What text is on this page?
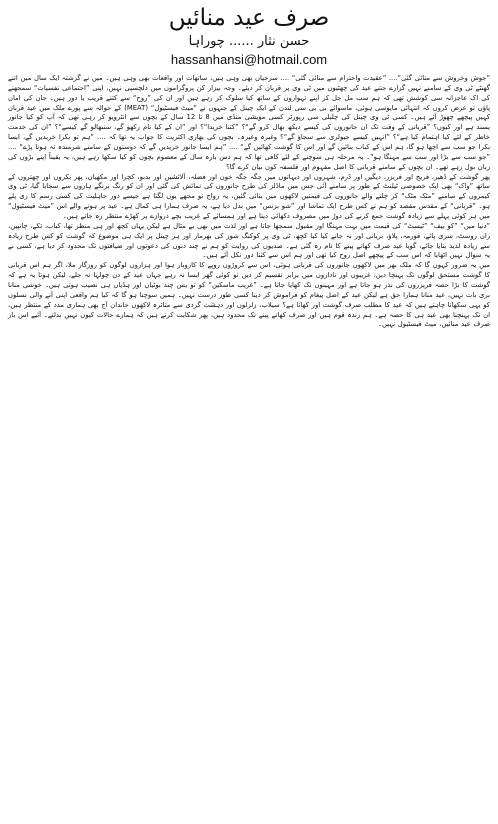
صرف عید منائیں
حسن نثار ...... چوراہا
hassanhansi@hotmail.com

”جوش وخروش سے منائی گئی“.... ”عقیدت واحترام سے منائی گئی“ .... سرخیاں بھی وہی ہیں، ساتھات اور واقعات بھی وہی ہیں۔ میں نے گزشتہ ایک سال میں اتنے گھنٹے ٹی وی کے سامنے نہیں گزارے جتنے عید کی چھٹیوں میں ٹی وی پر قربان کر دیئے۔ وجہ بیزار کن پروگراموں میں دلچسپی نہیں، اپنی ”اجتماعی نفسیات“ سمجھنے کی اک عاجزانہ سی کوشش تھی کہ ہم سب مل جل کر اپنے تہواروں کے ساتھ کیا سلوک کر رہے ہیں اور ان کی ”روح“ سے کتنے قریب یا دور ہیں۔ جان کی امان پاؤں تو عرض کروں کہ انتہائی مایوسی ہوئی، ماسوائے بی بی سی لندن کے ایک چینل کے جنہوں نے ”میٹ فیسٹیول“ (MEAT) کے حوالہ سے پورے ملک میں عید قربان کہیں پیچھے چھوڑ آئے ہیں۔ کسی ٹی وی چینل کی چلبلی سی رپورٹر کسی مویشی منڈی میں 8 تا 12 سال کے بچوں سے انٹرویو کر رہی تھی کہ آپ کو کیا جانور پسند ہے اور کیوں؟ ”قربانی کے وقت تک ان جانوروں کی کیسے دیکھ بھال کرو گے“؟ ”کتنا خریدا“؟ اور ”ان کے کیا نام رکھو گے، سنبھالو گے کیسے“؟ ”ان کی خدمت خاطر کے لئے کیا اہتمام کیا ہے“؟ ”انہیں کیسے جیولری سے سجاؤ گے“؟ وغیرہ وغیرہ۔ بچوں کی بھاری اکثریت کا جواب یہ تھا کہ .... ”ہم تو بکرا خریدیں گے، ایسا بکرا جو سب سے اچھا ہو گا، ہم اس کے کباب بنائیں گے اور اس کا گوشت کھائیں گے“ .... ”ہم ایسا جانور خریدیں گے کہ دوستوں کے سامنے شرمندہ نہ ہونا پڑے“ .... ”جو سب سے بڑا اور سب سے مہنگا ہو“۔ یہ مرحلہ ہی سوچنے کے لئے کافی تھا کہ ہم دس بارہ سال کے معصوم بچوں کو کیا سکھا رہے ہیں، یہ یقیناً اپنے بڑوں کی زبان بول رہے تھے۔ ان بچوں کے سامنے قربانی کا اصل مفہوم اور فلسفہ کون بیان کرے گا؟

پھر گوشت کے ڈھیر، فریج اور فریزر، دیگیں اور ڈرم، شہروں اور دیہاتوں میں جگہ جگہ خون اور فضلہ، آلائشیں اور بدبو، کچرا اور مکھیاں، پھر بکروں اور چھتروں کے ساتھ ”واک“ بھی ایک خصوصی ٹیلنٹ کے طور پر سامنے آئی جس میں ماڈلز کی طرح جانوروں کی نمائش کی گئی اور ان کو رنگ برنگے ہاروں سے سجایا گیا، ٹی وی کیمروں کے سامنے ”مٹک مٹک“ کر چلنے والے جانوروں کی قیمتیں لاکھوں میں بتائی گئیں، یہ رواج تو مجھے یوں لگتا ہے جیسے دور جاہلیت کی کسی رسم کا ری پلے ہو۔ ”قربانی“ کے مقدس مقصد کو ہم نے کس طرح ایک تماشا اور ”شو بزنس“ میں بدل دیا ہے، یہ صرف ہمارا ہی کمال ہے۔ عید پر ہونے والے اس ”میٹ فیسٹیول“ میں ہر کوئی پہلے سے زیادہ گوشت جمع کرنے کی دوڑ میں مصروف دکھائی دیتا ہے اور ہمسائے کے غریب بچے دروازے پر کھڑے منتظر رہ جاتے ہیں۔

”دنیا میں“ ”کو بیف“ ”ٹیسٹ“ کی قیمت میں بہت مہنگا اور مقبول سمجھا جاتا ہے اور لذت میں بھی بے مثال ہے لیکن یہاں کچھ اور ہی منظر تھا، کباب، تکے، چانپیں، ران روسٹ، سری پائے، قورمہ، پلاؤ، بریانی اور نہ جانے کیا کیا کچھ، ٹی وی پر کوکنگ شوز کی بھرمار اور ہر چینل پر ایک ہی موضوع کہ گوشت کو کس طرح زیادہ سے زیادہ لذیذ بنایا جائے، گویا عید صرف کھانے پینے کا نام رہ گئی ہے۔ صدیوں کی روایت کو ہم نے چند دنوں کی دعوتوں اور ضیافتوں تک محدود کر دیا ہے، کسی نے یہ سوال نہیں اٹھایا کہ اس سب کے پیچھے اصل روح کیا تھی اور ہم اس سے کتنا دور نکل آئے ہیں۔

میں یہ ضرور کہوں گا کہ ملک بھر میں لاکھوں جانوروں کی قربانی ہوئی، اس سے کروڑوں روپے کا کاروبار ہوا اور ہزاروں لوگوں کو روزگار ملا، اگر ہم اس قربانی کا گوشت مستحق لوگوں تک پہنچا دیں، غریبوں اور ناداروں میں برابر تقسیم کر دیں تو کوئی گھر ایسا نہ رہے جہاں عید کے دن چولہا نہ جلے، لیکن ہوتا یہ ہے کہ گوشت کا بڑا حصہ فریزروں کی نذر ہو جاتا ہے اور مہینوں تک کھایا جاتا ہے۔ ”غریب ماسکین“ کو تو بس چند بوٹیاں اور ہڈیاں ہی نصیب ہوتی ہیں۔ خوشی منانا بری بات نہیں، عید منانا ہمارا حق ہے لیکن عید کے اصل پیغام کو فراموش کر دینا کسی طور درست نہیں۔ ہمیں سوچنا ہو گا کہ کیا ہم واقعی اپنی آنے والی نسلوں کو یہی سکھانا چاہتے ہیں کہ عید کا مطلب صرف گوشت اور کھانا ہے؟ سیلاب، زلزلوں اور دہشت گردی سے متاثرہ لاکھوں خاندان آج بھی ہماری مدد کے منتظر ہیں، ان تک پہنچنا بھی عید ہی کا حصہ ہے۔ ہم زندہ قوم ہیں اور صرف کھانے پینے تک محدود ہیں، پھر شکایت کرتے ہیں کہ ہمارے حالات کیوں نہیں بدلتے۔ آئیے اس بار صرف عید منائیں، میٹ فیسٹیول نہیں۔
